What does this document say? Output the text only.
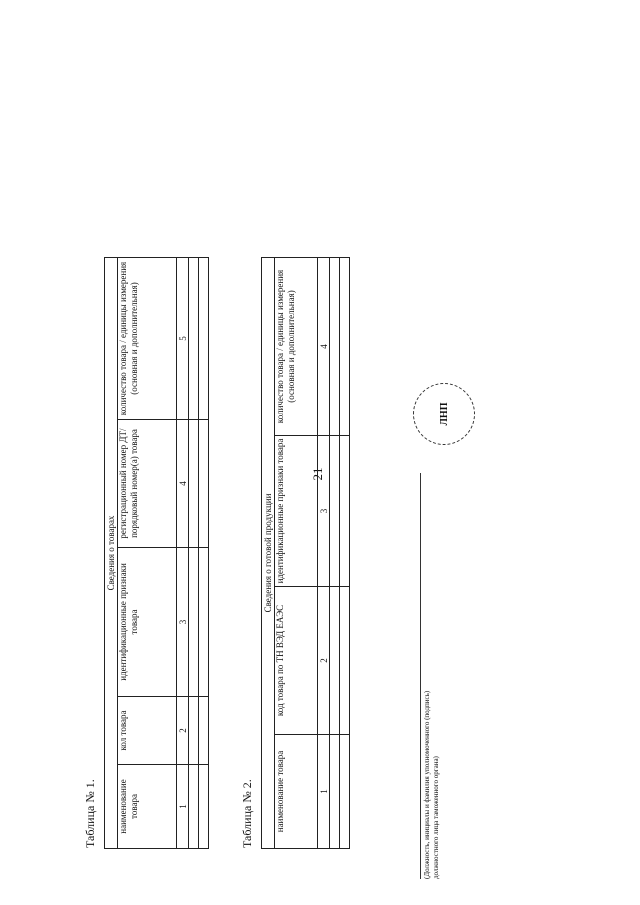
21
Таблица № 1.
Сведения о товарах				
наименование товара	кол товара	идентификационные признаки товара	регистрационный номер ДТ/ порядковый номер(а) товара	количество товара / единицы измерения (основная и дополнительная)
1	2	3	4	5

Таблица № 2.
Сведения о готовой продукции			
наименование товара	код товара по ТН ВЭД ЕАЭС	идентификационные признаки товара	количество товара / единицы измерения (основная и дополнительная)
1	2	3	4

(Должность, инициалы и фамилия уполномоченного (подпись) должностного лица таможенного органа)
ЛНП
